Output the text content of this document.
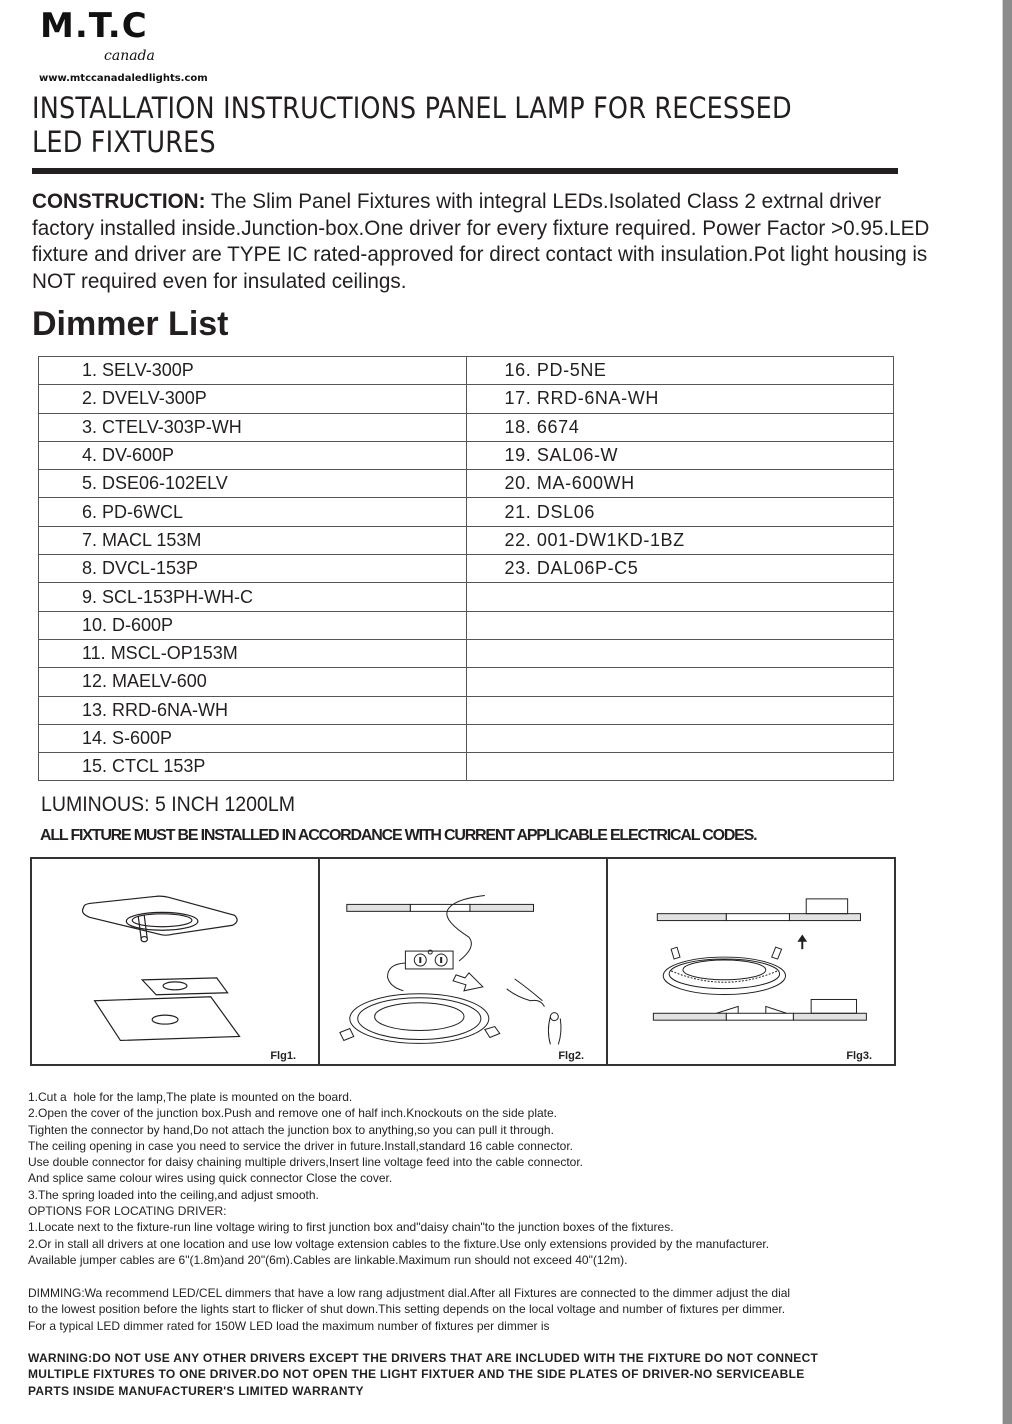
M.T.C
canada
www.mtccanadaledlights.com
INSTALLATION INSTRUCTIONS PANEL LAMP FOR RECESSED
LED FIXTURES
CONSTRUCTION: The Slim Panel Fixtures with integral LEDs.Isolated Class 2 extrnal driver factory installed inside.Junction-box.One driver for every fixture required. Power Factor >0.95.LED fixture and driver are TYPE IC rated-approved for direct contact with insulation.Pot light housing is NOT required even for insulated ceilings.
Dimmer List
1. SELV-300P	16. PD-5NE
2. DVELV-300P	17. RRD-6NA-WH
3. CTELV-303P-WH	18. 6674
4. DV-600P	19. SAL06-W
5. DSE06-102ELV	20. MA-600WH
6. PD-6WCL	21. DSL06
7. MACL 153M	22. 001-DW1KD-1BZ
8. DVCL-153P	23. DAL06P-C5
9. SCL-153PH-WH-C	
10. D-600P	
11. MSCL-OP153M	
12. MAELV-600	
13. RRD-6NA-WH	
14. S-600P	
15. CTCL 153P	
LUMINOUS: 5 INCH 1200LM
ALL FIXTURE MUST BE INSTALLED IN ACCORDANCE WITH CURRENT APPLICABLE ELECTRICAL CODES.
Flg1.	Flg2.	Flg3.
1.Cut a  hole for the lamp,The plate is mounted on the board.
2.Open the cover of the junction box.Push and remove one of half inch.Knockouts on the side plate.
Tighten the connector by hand,Do not attach the junction box to anything,so you can pull it through.
The ceiling opening in case you need to service the driver in future.Install,standard 16 cable connector.
Use double connector for daisy chaining multiple drivers,Insert line voltage feed into the cable connector.
And splice same colour wires using quick connector Close the cover.
3.The spring loaded into the ceiling,and adjust smooth.
OPTIONS FOR LOCATING DRIVER:
1.Locate next to the fixture-run line voltage wiring to first junction box and"daisy chain"to the junction boxes of the fixtures.
2.Or in stall all drivers at one location and use low voltage extension cables to the fixture.Use only extensions provided by the manufacturer.
Available jumper cables are 6"(1.8m)and 20"(6m).Cables are linkable.Maximum run should not exceed 40"(12m).
DIMMING:Wa recommend LED/CEL dimmers that have a low rang adjustment dial.After all Fixtures are connected to the dimmer adjust the dial
to the lowest position before the lights start to flicker of shut down.This setting depends on the local voltage and number of fixtures per dimmer.
For a typical LED dimmer rated for 150W LED load the maximum number of fixtures per dimmer is
WARNING:DO NOT USE ANY OTHER DRIVERS EXCEPT THE DRIVERS THAT ARE INCLUDED WITH THE FIXTURE DO NOT CONNECT
MULTIPLE FIXTURES TO ONE DRIVER.DO NOT OPEN THE LIGHT FIXTUER AND THE SIDE PLATES OF DRIVER-NO SERVICEABLE
PARTS INSIDE MANUFACTURER'S LIMITED WARRANTY
